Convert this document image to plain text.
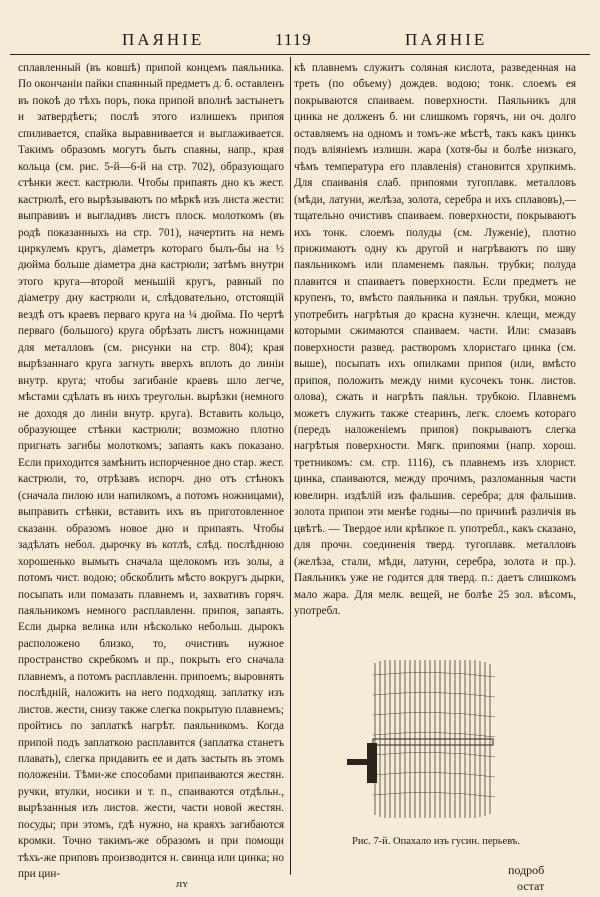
ПАЯНІЕ	1119	ПАЯНІЕ

сплавленный (въ ковшѣ) припой концемъ паяльника. По окончаніи пайки спаянный предметъ д. б. оставленъ въ покоѣ до тѣхъ поръ, пока припой вполнѣ застынетъ и затвердѣетъ; послѣ этого излишекъ припоя спиливается, спайка выравнивается и выглаживается. Такимъ образомъ могутъ быть спаяны, напр., края кольца (см. рис. 5-й—6-й на стр. 702), образующаго стѣнки жест. кастрюли. Чтобы припаять дно къ жест. кастрюлѣ, его вырѣзываютъ по мѣркѣ изъ листа жести: выправивъ и выгладивъ листъ плоск. молоткомъ (въ родѣ показанныхъ на стр. 701), начертить на немъ циркулемъ кругъ, діаметръ котораго былъ-бы на ½ дюйма больше діаметра дна кастрюли; затѣмъ внутри этого круга—второй меньшій кругъ, равный по діаметру дну кастрюли и, слѣдовательно, отстоящій вездѣ отъ краевъ перваго круга на ¼ дюйма. По чертѣ перваго (большого) круга обрѣзать листъ ножницами для металловъ (см. рисунки на стр. 804); края вырѣзаннаго круга загнуть вверхъ вплоть до линіи внутр. круга; чтобы загибаніе краевъ шло легче, мѣстами сдѣлать въ нихъ треугольн. вырѣзки (немного не доходя до линіи внутр. круга). Вставить кольцо, образующее стѣнки кастрюли; возможно плотно пригнать загибы молоткомъ; запаять какъ показано. Если приходится замѣнить испорченное дно стар. жест. кастрюли, то, отрѣзавъ испорч. дно отъ стѣнокъ (сначала пилою или напилкомъ, а потомъ ножницами), выправить стѣнки, вставить ихъ въ приготовленное сказанн. образомъ новое дно и припаять. Чтобы задѣлать небол. дырочку въ котлѣ, слѣд. послѣднюю хорошенько вымыть сначала щелокомъ изъ золы, а потомъ чист. водою; обскоблить мѣсто вокругъ дырки, посыпать или помазать плавнемъ и, захвативъ горяч. паяльникомъ немного расплавленн. припоя, запаять. Если дырка велика или нѣсколько небольш. дырокъ расположено близко, то, очистивъ нужное пространство скребкомъ и пр., покрыть его сначала плавнемъ, а потомъ расплавленн. припоемъ; выровнять послѣдній, наложить на него подходящ. заплатку изъ листов. жести, снизу также слегка покрытую плавнемъ; пройтись по заплаткѣ нагрѣт. паяльникомъ. Когда припой подъ заплаткою расплавится (заплатка станетъ плавать), слегка придавить ее и дать застыть въ этомъ положеніи. Тѣми-же способами припаиваются жестян. ручки, втулки, носики и т. п., спаиваются отдѣльн., вырѣзанныя изъ листов. жести, части новой жестян. посуды; при этомъ, гдѣ нужно, на краяхъ загибаются кромки. Точно такимъ-же образомъ и при помощи тѣхъ-же приповъ производится н. свинца или цинка; но при цин-

кѣ плавнемъ служитъ соляная кислота, разведенная на треть (по объему) дождев. водою; тонк. слоемъ ея покрываются спаиваем. поверхности. Паяльникъ для цинка не долженъ б. ни слишкомъ горячъ, ни оч. долго оставляемъ на одномъ и томъ-же мѣстѣ, такъ какъ цинкъ подъ вліяніемъ излишн. жара (хотя-бы и болѣе низкаго, чѣмъ температура его плавленія) становится хрупкимъ. Для спаиванія слаб. припоями тугоплавк. металловъ (мѣди, латуни, желѣза, золота, серебра и ихъ сплавовъ),—тщательно очистивъ спаиваем. поверхности, покрываютъ ихъ тонк. слоемъ полуды (см. Луженіе), плотно прижимаютъ одну къ другой и нагрѣваютъ по шву паяльникомъ или пламенемъ паяльн. трубки; полуда плавится и спаиваетъ поверхности. Если предметъ не крупенъ, то, вмѣсто паяльника и паяльн. трубки, можно употребить нагрѣтыя до красна кузнечн. клещи, между которыми сжимаются спаиваем. части. Или: смазавъ поверхности развед. растворомъ хлористаго цинка (см. выше), посыпать ихъ опилками припоя (или, вмѣсто припоя, положить между ними кусочекъ тонк. листов. олова), сжать и нагрѣть паяльн. трубкою. Плавнемъ можетъ служить также стеаринъ, легк. слоемъ котораго (передъ наложеніемъ припоя) покрываютъ слегка нагрѣтыя поверхности. Мягк. припоями (напр. хорош. третникомъ: см. стр. 1116), съ плавнемъ изъ хлорист. цинка, спаиваются, между прочимъ, разломанныя части ювелирн. издѣлій изъ фальшив. серебра; для фальшив. золота припои эти менѣе годны—по причинѣ различія въ цвѣтѣ. — Твердое или крѣпкое п. употребл., какъ сказано, для прочн. соединенія тверд. тугоплавк. металловъ (желѣза, стали, мѣди, латуни, серебра, золота и пр.). Паяльникъ уже не годится для тверд. п.: даетъ слишкомъ мало жара. Для мелк. вещей, не болѣе 25 зол. вѣсомъ, употребл.

Рис. 7-й. Опахало изъ гусин. перьевъ.
ᴊɪʏ
подроб
остат
